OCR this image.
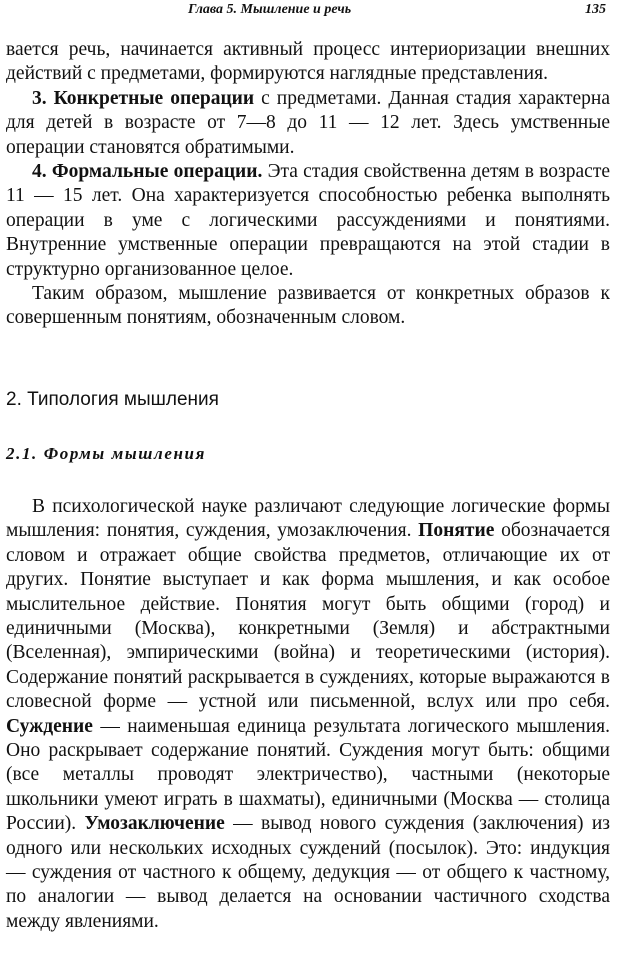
Глава 5. Мышление и речь	135

вается речь, начинается активный процесс интериоризации внешних действий с предметами, формируются наглядные представления.

3. Конкретные операции с предметами. Данная стадия характерна для детей в возрасте от 7—8 до 11 — 12 лет. Здесь умственные операции становятся обратимыми.

4. Формальные операции. Эта стадия свойственна детям в возрасте 11 — 15 лет. Она характеризуется способностью ребенка выполнять операции в уме с логическими рассуждениями и понятиями. Внутренние умственные операции превращаются на этой стадии в структурно организованное целое.

Таким образом, мышление развивается от конкретных образов к совершенным понятиям, обозначенным словом.

2. Типология мышления
2.1. Формы мышления

В психологической науке различают следующие логические формы мышления: понятия, суждения, умозаключения. Понятие обозначается словом и отражает общие свойства предметов, отличающие их от других. Понятие выступает и как форма мышления, и как особое мыслительное действие. Понятия могут быть общими (город) и единичными (Москва), конкретными (Земля) и абстрактными (Вселенная), эмпирическими (война) и теоретическими (история). Содержание понятий раскрывается в суждениях, которые выражаются в словесной форме — устной или письменной, вслух или про себя. Суждение — наименьшая единица результата логического мышления. Оно раскрывает содержание понятий. Суждения могут быть: общими (все металлы проводят электричество), частными (некоторые школьники умеют играть в шахматы), единичными (Москва — столица России). Умозаключение — вывод нового суждения (заключения) из одного или нескольких исходных суждений (посылок). Это: индукция — суждения от частного к общему, дедукция — от общего к частному, по аналогии — вывод делается на основании частичного сходства между явлениями.
